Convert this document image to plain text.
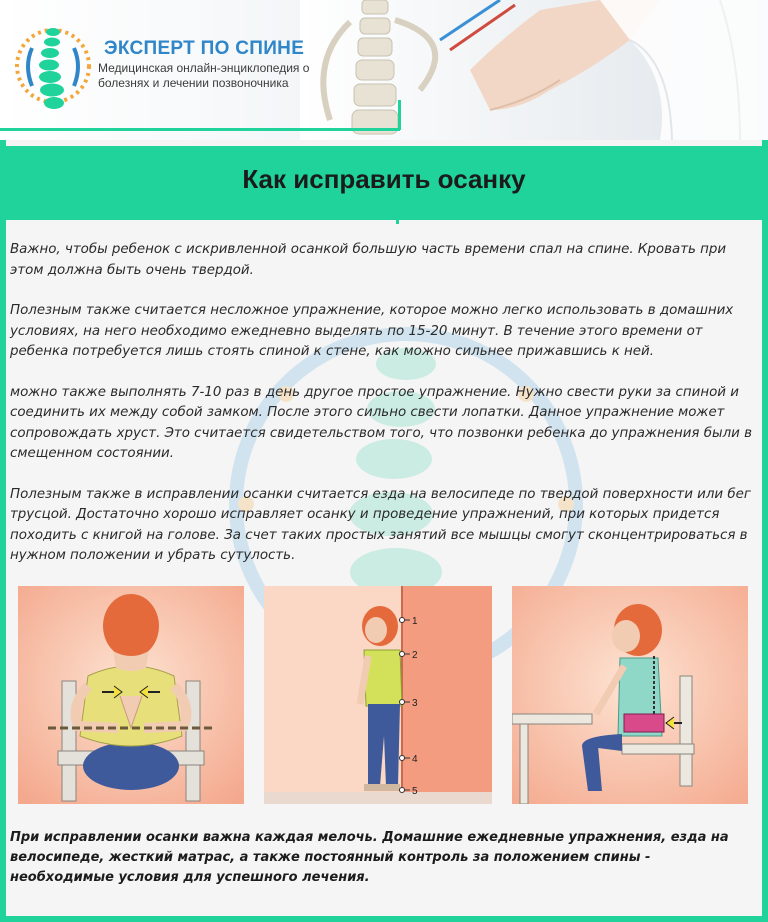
ЭКСПЕРТ ПО СПИНЕ
Медицинская онлайн-энциклопедия о
болезнях и лечении позвоночника
Как исправить осанку

Важно, чтобы ребенок с искривленной осанкой большую часть времени спал на спине. Кровать при этом должна быть очень твердой.

Полезным также считается несложное упражнение, которое можно легко использовать в домашних условиях, на него необходимо ежедневно выделять по 15-20 минут. В течение этого времени от ребенка потребуется лишь стоять спиной к стене, как можно сильнее прижавшись к ней.

можно также выполнять 7-10 раз в день другое простое упражнение. Нужно свести руки за спиной и соединить их между собой замком. После этого сильно свести лопатки. Данное упражнение может сопровождать хруст. Это считается свидетельством того, что позвонки ребенка до упражнения были в смещенном состоянии.

Полезным также в исправлении осанки считается езда на велосипеде по твердой поверхности или бег трусцой. Достаточно хорошо исправляет осанку и проведение упражнений, при которых придется походить с книгой на голове. За счет таких простых занятий все мышцы смогут сконцентрироваться в нужном положении и убрать сутулость.

1
2
3
4
5
При исправлении осанки важна каждая мелочь. Домашние ежедневные упражнения, езда на велосипеде, жесткий матрас, а также постоянный контроль за положением спины - необходимые условия для успешного лечения.
